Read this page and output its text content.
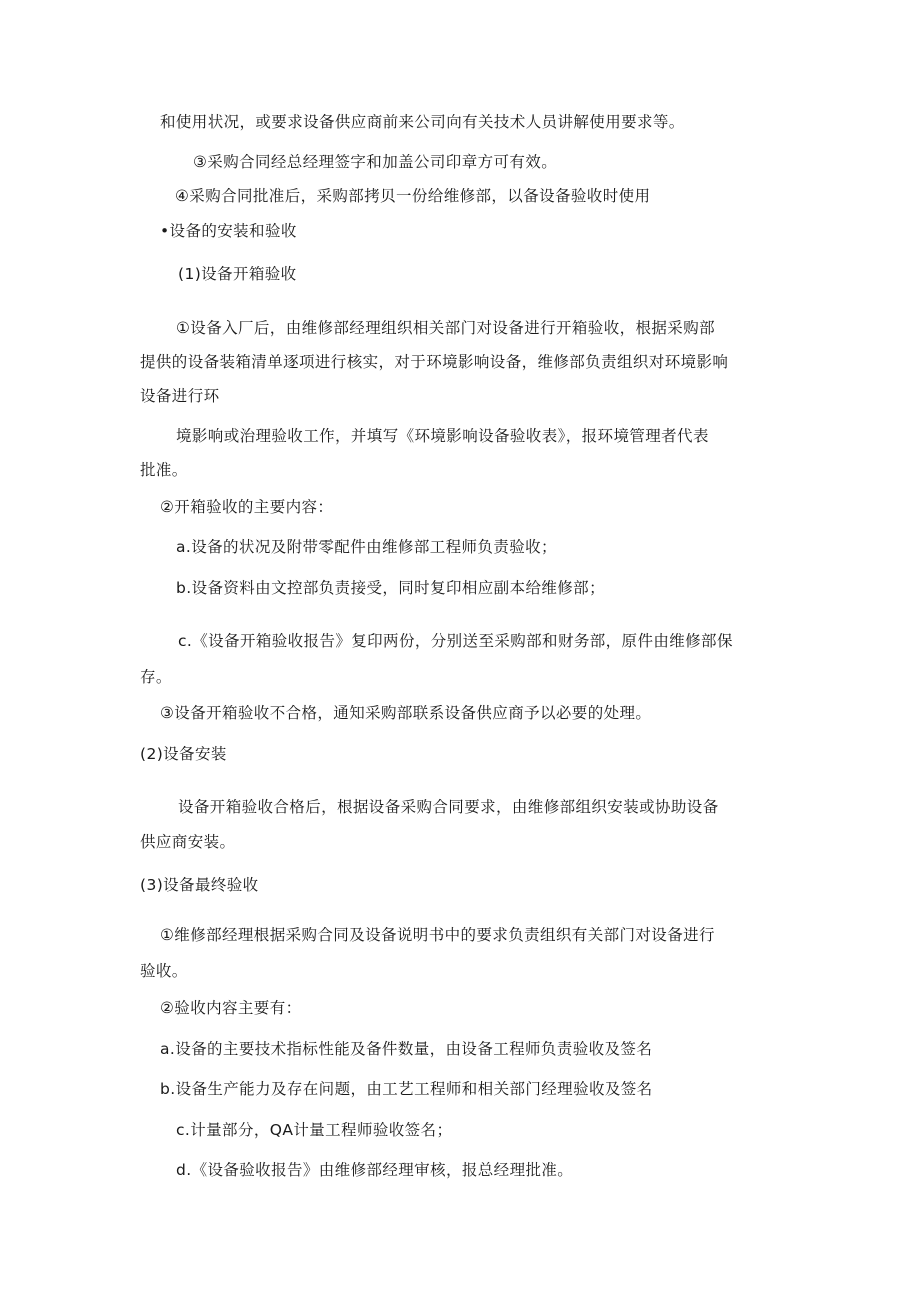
和使用状况，或要求设备供应商前来公司向有关技术人员讲解使用要求等。

③采购合同经总经理签字和加盖公司印章方可有效。

④采购合同批准后，采购部拷贝一份给维修部，以备设备验收时使用

•设备的安装和验收

(1)设备开箱验收

①设备入厂后，由维修部经理组织相关部门对设备进行开箱验收，根据采购部

提供的设备装箱清单逐项进行核实，对于环境影响设备，维修部负责组织对环境影响

设备进行环

境影响或治理验收工作，并填写《环境影响设备验收表》，报环境管理者代表

批准。

②开箱验收的主要内容：

a.设备的状况及附带零配件由维修部工程师负责验收；

b.设备资料由文控部负责接受，同时复印相应副本给维修部；

c.《设备开箱验收报告》复印两份，分别送至采购部和财务部，原件由维修部保

存。

③设备开箱验收不合格，通知采购部联系设备供应商予以必要的处理。

(2)设备安装

设备开箱验收合格后，根据设备采购合同要求，由维修部组织安装或协助设备

供应商安装。

(3)设备最终验收

①维修部经理根据采购合同及设备说明书中的要求负责组织有关部门对设备进行

验收。

②验收内容主要有：

a.设备的主要技术指标性能及备件数量，由设备工程师负责验收及签名

b.设备生产能力及存在问题，由工艺工程师和相关部门经理验收及签名

c.计量部分，QA计量工程师验收签名；

d.《设备验收报告》由维修部经理审核，报总经理批准。
